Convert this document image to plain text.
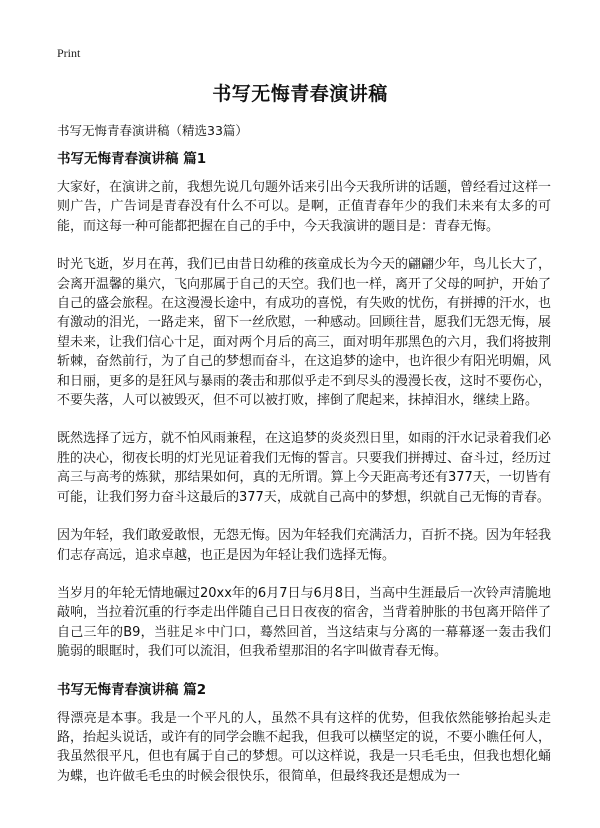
Print
书写无悔青春演讲稿
书写无悔青春演讲稿（精选33篇）
书写无悔青春演讲稿 篇1

大家好，在演讲之前，我想先说几句题外话来引出今天我所讲的话题，曾经看过这样一则广告，广告词是青春没有什么不可以。是啊，正值青春年少的我们未来有太多的可能，而这每一种可能都把握在自己的手中，今天我演讲的题目是：青春无悔。

时光飞逝，岁月在苒，我们已由昔日幼稚的孩童成长为今天的翩翩少年，鸟儿长大了，会离开温馨的巢穴，飞向那属于自己的天空。我们也一样，离开了父母的呵护，开始了自己的盛会旅程。在这漫漫长途中，有成功的喜悦，有失败的忧伤，有拼搏的汗水，也有激动的泪光，一路走来，留下一丝欣慰，一种感动。回顾往昔，愿我们无怨无悔，展望未来，让我们信心十足，面对两个月后的高三，面对明年那黑色的六月，我们将披荆斩棘，奋然前行，为了自己的梦想而奋斗，在这追梦的途中，也许很少有阳光明媚，风和日丽，更多的是狂风与暴雨的袭击和那似乎走不到尽头的漫漫长夜，这时不要伤心，不要失落，人可以被毁灭，但不可以被打败，摔倒了爬起来，抹掉泪水，继续上路。

既然选择了远方，就不怕风雨兼程，在这追梦的炎炎烈日里，如雨的汗水记录着我们必胜的决心，彻夜长明的灯光见证着我们无悔的誓言。只要我们拼搏过、奋斗过，经历过高三与高考的炼狱，那结果如何，真的无所谓。算上今天距高考还有377天，一切皆有可能，让我们努力奋斗这最后的377天，成就自己高中的梦想，织就自己无悔的青春。

因为年轻，我们敢爱敢恨，无怨无悔。因为年轻我们充满活力，百折不挠。因为年轻我们志存高远，追求卓越，也正是因为年轻让我们选择无悔。

当岁月的年轮无情地碾过20xx年的6月7日与6月8日，当高中生涯最后一次铃声清脆地敲响，当拉着沉重的行李走出伴随自己日日夜夜的宿舍，当背着肿胀的书包离开陪伴了自己三年的B9，当驻足＊中门口，蓦然回首，当这结束与分离的一幕幕逐一轰击我们脆弱的眼眶时，我们可以流泪，但我希望那泪的名字叫做青春无悔。

书写无悔青春演讲稿 篇2

得漂亮是本事。我是一个平凡的人，虽然不具有这样的优势，但我依然能够抬起头走路，抬起头说话，或许有的同学会瞧不起我，但我可以横坚定的说，不要小瞧任何人，我虽然很平凡，但也有属于自己的梦想。可以这样说，我是一只毛毛虫，但我也想化蛹为蝶，也许做毛毛虫的时候会很快乐，很简单，但最终我还是想成为一
